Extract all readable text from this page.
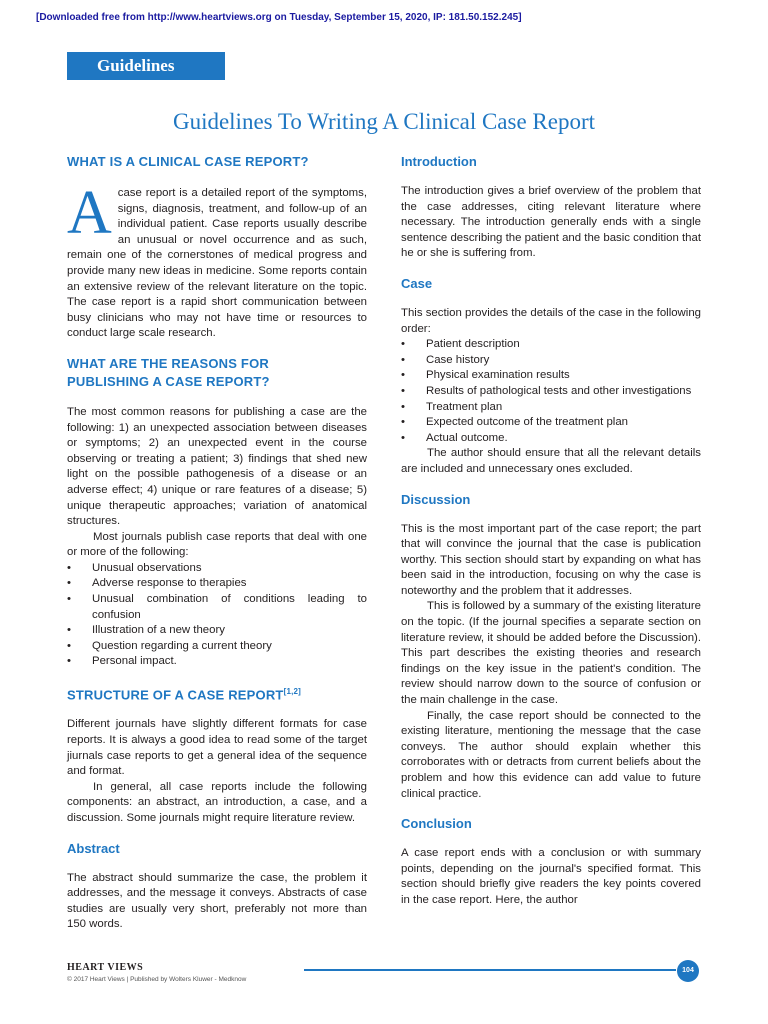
[Downloaded free from http://www.heartviews.org on Tuesday, September 15, 2020, IP: 181.50.152.245]
Guidelines
Guidelines To Writing A Clinical Case Report
WHAT IS A CLINICAL CASE REPORT?
A case report is a detailed report of the symptoms, signs, diagnosis, treatment, and follow-up of an individual patient. Case reports usually describe an unusual or novel occurrence and as such, remain one of the cornerstones of medical progress and provide many new ideas in medicine. Some reports contain an extensive review of the relevant literature on the topic. The case report is a rapid short communication between busy clinicians who may not have time or resources to conduct large scale research.

WHAT ARE THE REASONS FOR
PUBLISHING A CASE REPORT?

The most common reasons for publishing a case are the following: 1) an unexpected association between diseases or symptoms; 2) an unexpected event in the course observing or treating a patient; 3) findings that shed new light on the possible pathogenesis of a disease or an adverse effect; 4) unique or rare features of a disease; 5) unique therapeutic approaches; variation of anatomical structures.

Most journals publish case reports that deal with one or more of the following:

• Unusual observations
• Adverse response to therapies
• Unusual combination of conditions leading to confusion
• Illustration of a new theory
• Question regarding a current theory
• Personal impact.
STRUCTURE OF A CASE REPORT[1,2]

Different journals have slightly different formats for case reports. It is always a good idea to read some of the target jiurnals case reports to get a general idea of the sequence and format.

In general, all case reports include the following components: an abstract, an introduction, a case, and a discussion. Some journals might require literature review.

Abstract

The abstract should summarize the case, the problem it addresses, and the message it conveys. Abstracts of case studies are usually very short, preferably not more than 150 words.

Introduction

The introduction gives a brief overview of the problem that the case addresses, citing relevant literature where necessary. The introduction generally ends with a single sentence describing the patient and the basic condition that he or she is suffering from.

Case

This section provides the details of the case in the following order:

• Patient description
• Case history
• Physical examination results
• Results of pathological tests and other investigations
• Treatment plan
• Expected outcome of the treatment plan
• Actual outcome.

The author should ensure that all the relevant details are included and unnecessary ones excluded.

Discussion

This is the most important part of the case report; the part that will convince the journal that the case is publication worthy. This section should start by expanding on what has been said in the introduction, focusing on why the case is noteworthy and the problem that it addresses.

This is followed by a summary of the existing literature on the topic. (If the journal specifies a separate section on literature review, it should be added before the Discussion). This part describes the existing theories and research findings on the key issue in the patient's condition. The review should narrow down to the source of confusion or the main challenge in the case.

Finally, the case report should be connected to the existing literature, mentioning the message that the case conveys. The author should explain whether this corroborates with or detracts from current beliefs about the problem and how this evidence can add value to future clinical practice.

Conclusion

A case report ends with a conclusion or with summary points, depending on the journal's specified format. This section should briefly give readers the key points covered in the case report. Here, the author

HEART VIEWS
© 2017 Heart Views | Published by Wolters Kluwer - Medknow
104
